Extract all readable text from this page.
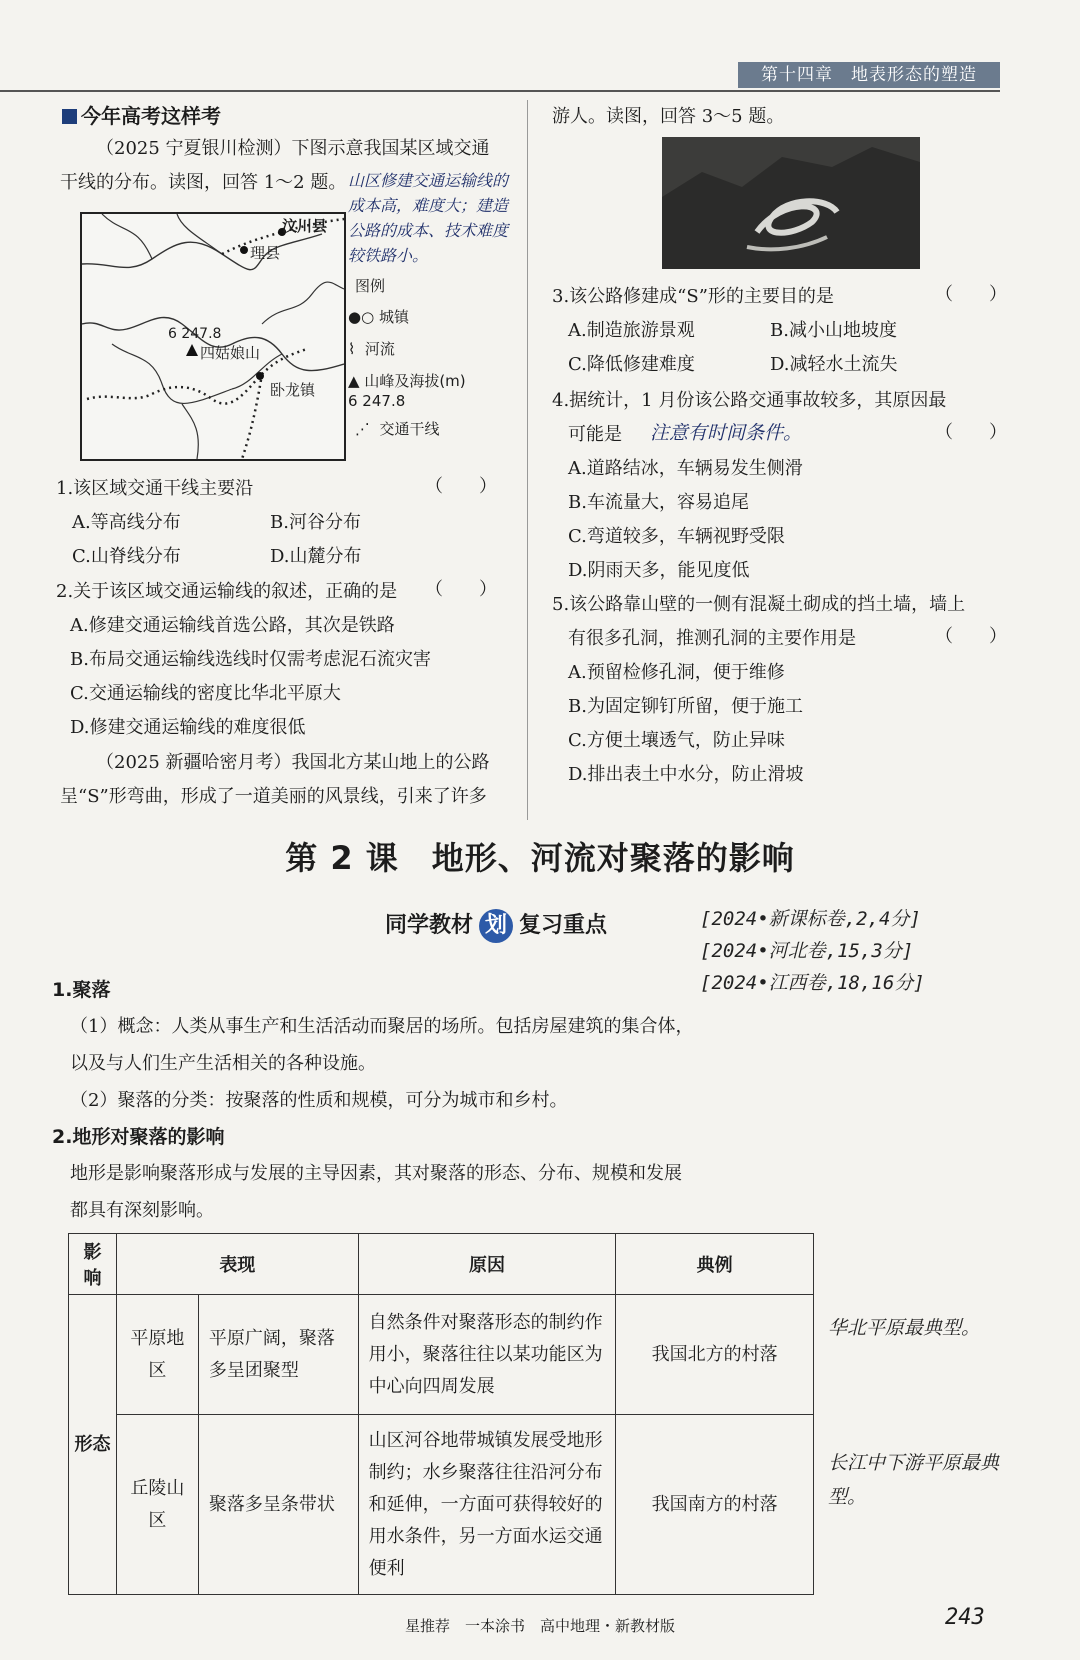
第十四章　地表形态的塑造
今年高考这样考
（2025 宁夏银川检测）下图示意我国某区域交通干线的分布。读图，回答 1～2 题。 山区修建交通运输线的成本高，难度大；建造公路的成本、技术难度较铁路小。
汶川县
理县
6 247.8
四姑娘山
卧龙镇
图例
●○ 城镇
⌇ 河流
▲ 山峰及海拔(m)
6 247.8
⋰ 交通干线
1.该区域交通干线主要沿	（　　）
A.等高线分布	B.河谷分布
C.山脊线分布	D.山麓分布
2.关于该区域交通运输线的叙述，正确的是 （　　）
A.修建交通运输线首选公路，其次是铁路
B.布局交通运输线选线时仅需考虑泥石流灾害
C.交通运输线的密度比华北平原大
D.修建交通运输线的难度很低
（2025 新疆哈密月考）我国北方某山地上的公路呈“S”形弯曲，形成了一道美丽的风景线，引来了许多
游人。读图，回答 3～5 题。
3.该公路修建成“S”形的主要目的是	（　　）
A.制造旅游景观	B.减小山地坡度
C.降低修建难度	D.减轻水土流失
4.据统计，1 月份该公路交通事故较多，其原因最
可能是 注意有时间条件。	（　　）
A.道路结冰，车辆易发生侧滑
B.车流量大，容易追尾
C.弯道较多，车辆视野受限
D.阴雨天多，能见度低
5.该公路靠山壁的一侧有混凝土砌成的挡土墙，墙上
有很多孔洞，推测孔洞的主要作用是	（　　）
A.预留检修孔洞，便于维修
B.为固定铆钉所留，便于施工
C.方便土壤透气，防止异味
D.排出表土中水分，防止滑坡
第 2 课　地形、河流对聚落的影响
同学教材 划 复习重点	[2024•新课标卷,2,4分]
[2024•河北卷,15,3分]
[2024•江西卷,18,16分]
1.聚落
（1）概念：人类从事生产和生活活动而聚居的场所。包括房屋建筑的集合体，
以及与人们生产生活相关的各种设施。
（2）聚落的分类：按聚落的性质和规模，可分为城市和乡村。
2.地形对聚落的影响
地形是影响聚落形成与发展的主导因素，其对聚落的形态、分布、规模和发展
都具有深刻影响。
影响	表现		原因	典例
形态	平原地区	平原广阔，聚落多呈团聚型	自然条件对聚落形态的制约作用小，聚落往往以某功能区为中心向四周发展	我国北方的村落
	丘陵山区	聚落多呈条带状	山区河谷地带城镇发展受地形制约；水乡聚落往往沿河分布和延伸，一方面可获得较好的用水条件，另一方面水运交通便利	我国南方的村落
华北平原最典型。
长江中下游平原最典型。
星推荐　一本涂书　高中地理・新教材版	243
